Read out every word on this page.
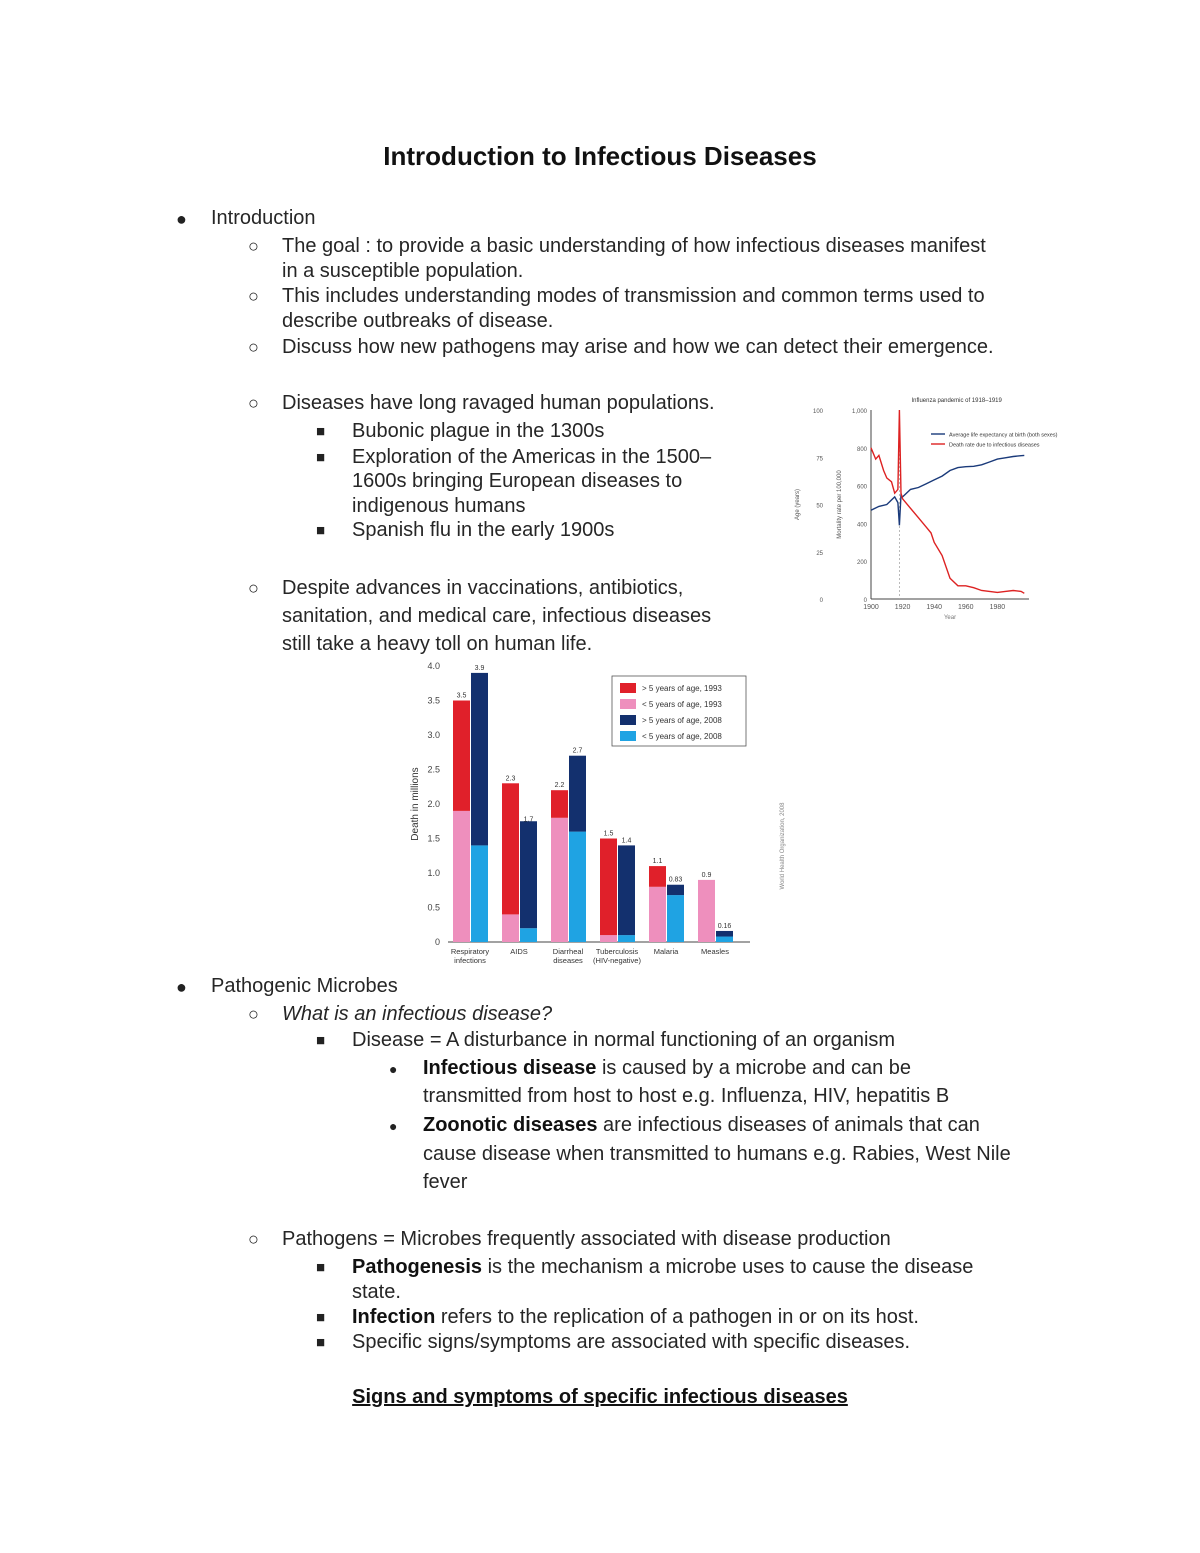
Introduction to Infectious Diseases
● Introduction
○ The goal : to provide a basic understanding of how infectious diseases manifest
in a susceptible population.
○ This includes understanding modes of transmission and common terms used to
describe outbreaks of disease.
○ Discuss how new pathogens may arise and how we can detect their emergence.
○ Diseases have long ravaged human populations.
■ Bubonic plague in the 1300s
■ Exploration of the Americas in the 1500–
1600s bringing European diseases to
indigenous humans
■ Spanish flu in the early 1900s
○ Despite advances in vaccinations, antibiotics,
sanitation, and medical care, infectious diseases
still take a heavy toll on human life.
1900 1920 1940 1960 1980
0
200
400
600
800
1,000
0
25
50
75
100
Age (years)	Mortality rate per 100,000
Year
Influenza pandemic of 1918–1919
Average life expectancy at birth (both sexes)
Death rate due to infectious diseases
0
0.5
1.0
1.5
2.0
2.5
3.0
3.5
4.0
Death in millions
3.5
3.9
2.3
1.7
2.2
2.7
1.5
1.4
1.1
0.83
0.9
0.16
Respiratory
infections
AIDS	Diarrheal
diseases
Tuberculosis
(HIV-negative)
Malaria	Measles
> 5 years of age, 1993
< 5 years of age, 1993
> 5 years of age, 2008
< 5 years of age, 2008
World Health Organization, 2008
● Pathogenic Microbes
○ What is an infectious disease?
■ Disease = A disturbance in normal functioning of an organism
● Infectious disease is caused by a microbe and can be
transmitted from host to host e.g. Influenza, HIV, hepatitis B
● Zoonotic diseases are infectious diseases of animals that can
cause disease when transmitted to humans e.g. Rabies, West Nile
fever
○ Pathogens = Microbes frequently associated with disease production
■ Pathogenesis is the mechanism a microbe uses to cause the disease
state.
■ Infection refers to the replication of a pathogen in or on its host.
■ Specific signs/symptoms are associated with specific diseases.
Signs and symptoms of specific infectious diseases
